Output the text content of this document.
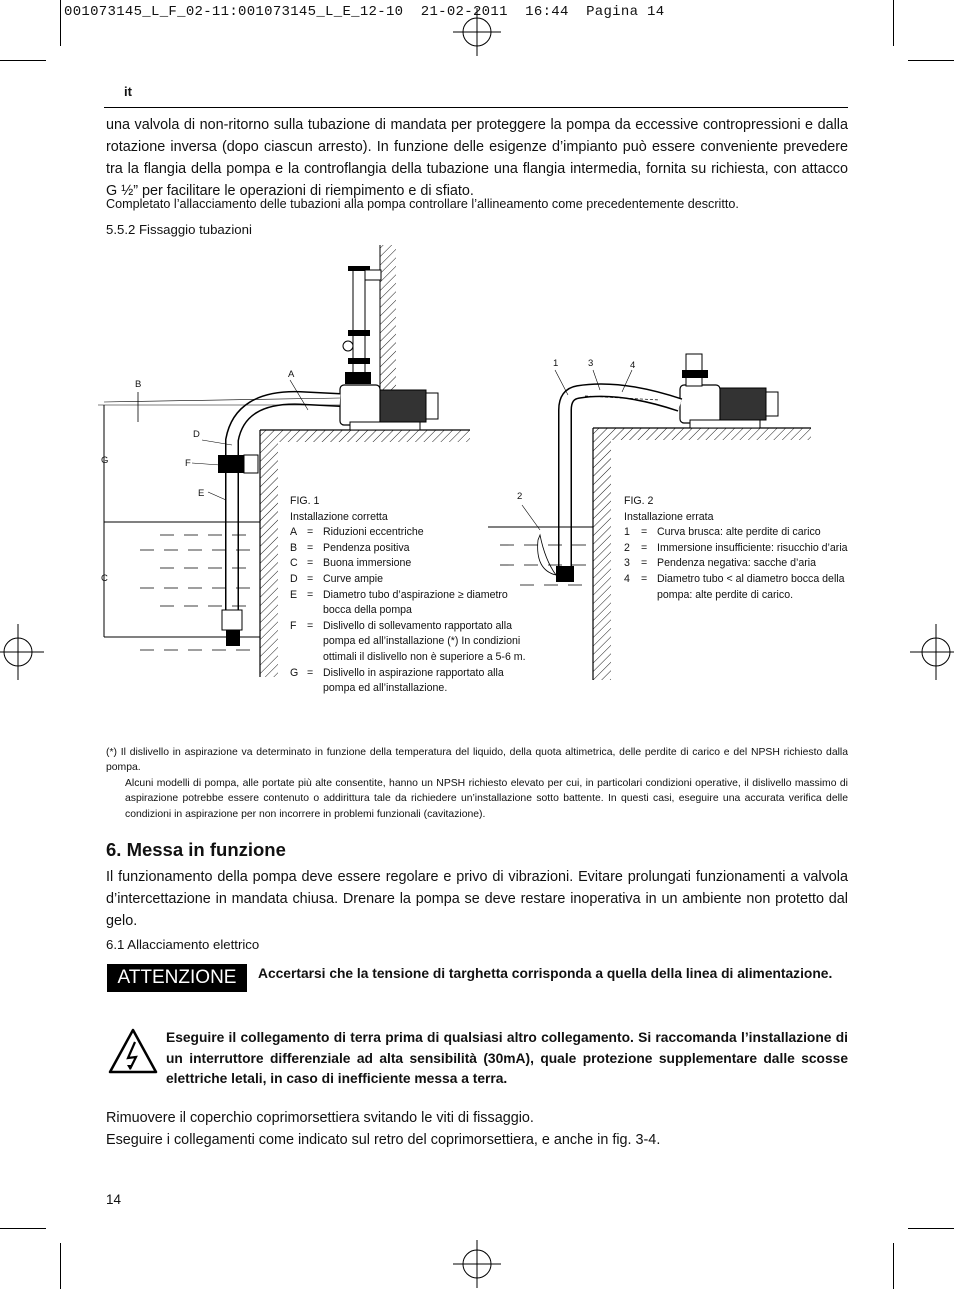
001073145_L_F_02-11:001073145_L_E_12-10  21-02-2011  16:44  Pagina 14
it
una valvola di non-ritorno sulla tubazione di mandata per proteggere la pompa da eccessive contropressioni e dalla rotazione inversa (dopo ciascun arresto). In funzione delle esigenze d’impianto può essere conveniente prevedere tra la flangia della pompa e la controflangia della tubazione una flangia intermedia, fornita su richiesta, con attacco G ½” per facilitare le operazioni di riempimento e di sfiato.
Completato l’allacciamento delle tubazioni alla pompa controllare l’allineamento come precedentemente descritto.
5.5.2 Fissaggio tubazioni
A
B
D
G	F
E
C
1	3	4
2
FIG. 1
Installazione corretta
A = Riduzioni eccentriche
B = Pendenza positiva
C = Buona immersione
D = Curve ampie
E = Diametro tubo d’aspirazione ≥ diametro bocca della pompa
F = Dislivello di sollevamento rapportato alla pompa ed all’installazione (*) In condizioni ottimali il dislivello non è superiore a 5-6 m.
G = Dislivello in aspirazione rapportato alla pompa ed all’installazione.
FIG. 2
Installazione errata
1	= Curva brusca: alte perdite di carico
2	= Immersione insufficiente: risucchio d’aria
3	= Pendenza negativa: sacche d’aria
4	= Diametro tubo < al diametro bocca della pompa: alte perdite di carico.
(*) Il dislivello in aspirazione va determinato in funzione della temperatura del liquido, della quota altimetrica, delle perdite di carico e del NPSH richiesto dalla pompa.
Alcuni modelli di pompa, alle portate più alte consentite, hanno un NPSH richiesto elevato per cui, in particolari condizioni operative, il dislivello massimo di aspirazione potrebbe essere contenuto o addirittura tale da richiedere un’installazione sotto battente. In questi casi, eseguire una accurata verifica delle condizioni in aspirazione per non incorrere in problemi funzionali (cavitazione).
6. Messa in funzione
Il funzionamento della pompa deve essere regolare e privo di vibrazioni. Evitare prolungati funzionamenti a valvola d’intercettazione in mandata chiusa. Drenare la pompa se deve restare inoperativa in un ambiente non protetto dal gelo.
6.1 Allacciamento elettrico
ATTENZIONE	Accertarsi che la tensione di targhetta corrisponda a quella della linea di alimentazione.
Eseguire il collegamento di terra prima di qualsiasi altro collegamento. Si raccomanda l’installazione di un interruttore differenziale ad alta sensibilità (30mA), quale protezione supplementare dalle scosse elettriche letali, in caso di inefficiente messa a terra.
Rimuovere il coperchio coprimorsettiera svitando le viti di fissaggio.
Eseguire i collegamenti come indicato sul retro del coprimorsettiera, e anche in fig. 3-4.
14
